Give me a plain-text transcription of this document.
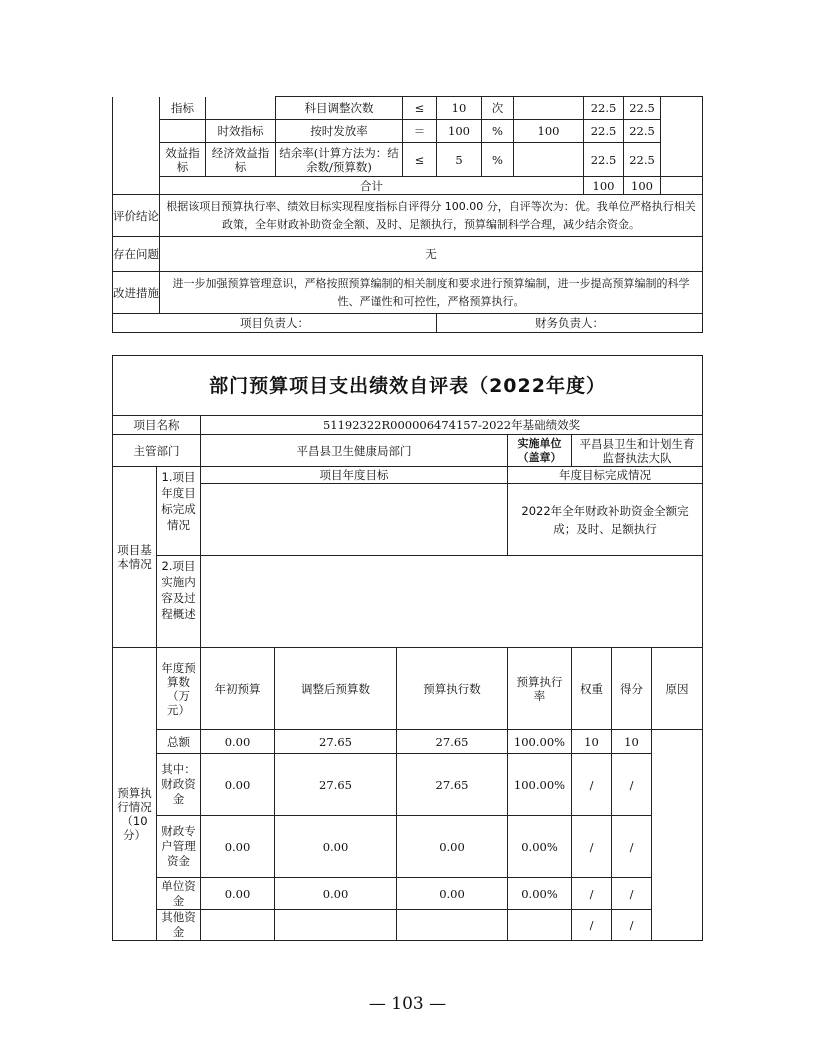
	指标		科目调整次数	≤	10	次		22.5	22.5	
		时效指标	按时发放率	＝	100	%	100	22.5	22.5	
	效益指标	经济效益指标	结余率(计算方法为：结余数/预算数)	≤	5	%		22.5	22.5	
	合计							100	100	
评价结论	根据该项目预算执行率、绩效目标实现程度指标自评得分 100.00 分，自评等次为：优。我单位严格执行相关政策，全年财政补助资金全额、及时、足额执行，预算编制科学合理，减少结余资金。									
存在问题	无									
改进措施	进一步加强预算管理意识，严格按照预算编制的相关制度和要求进行预算编制，进一步提高预算编制的科学性、严谨性和可控性，严格预算执行。									
项目负责人：					财务负责人：					
部门预算项目支出绩效自评表（2022年度）								
项目名称		51192322R000006474157-2022年基础绩效奖						
主管部门		平昌县卫生健康局部门			实施单位（盖章）	平昌县卫生和计划生育监督执法大队		
项目基本情况	1.项目年度目标完成情况	项目年度目标			年度目标完成情况			
					2022年全年财政补助资金全额完成；及时、足额执行			
	2.项目实施内容及过程概述							
预算执行情况（10分）	年度预算数（万元）	年初预算	调整后预算数	预算执行数	预算执行率	权重	得分	原因
	总额	0.00	27.65	27.65	100.00%	10	10	
	其中：财政资金	0.00	27.65	27.65	100.00%	/	/	
	财政专户管理资金	0.00	0.00	0.00	0.00%	/	/	
	单位资金	0.00	0.00	0.00	0.00%	/	/	
	其他资金					/	/	
— 103 —
